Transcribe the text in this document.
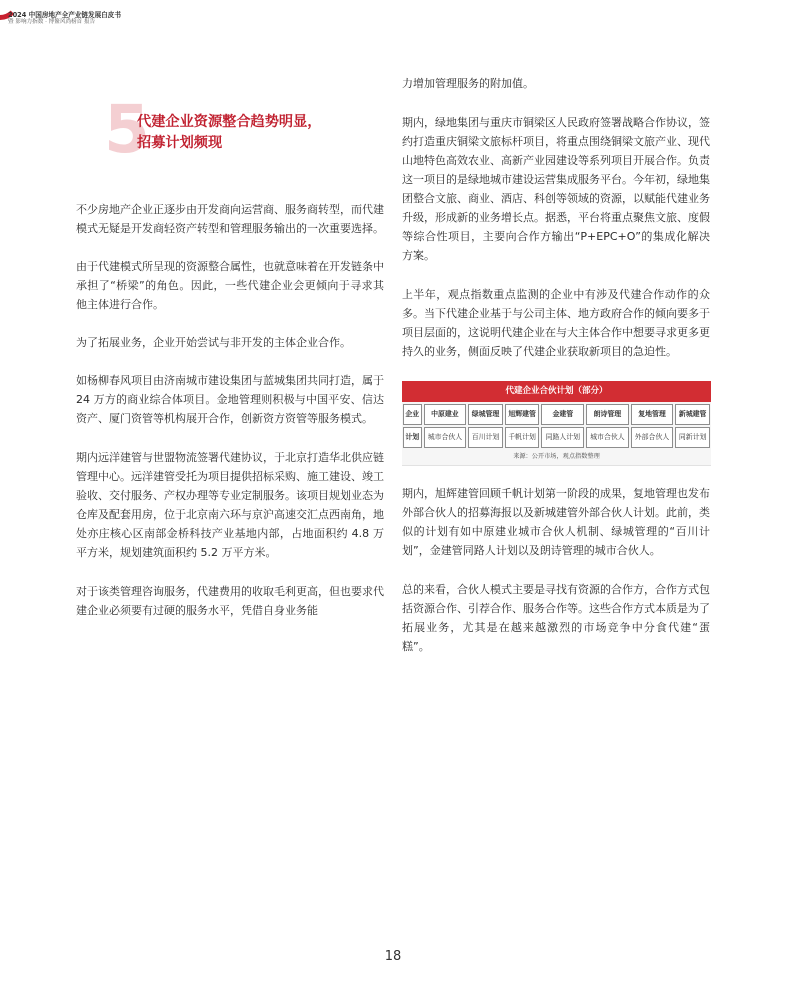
2024 中国房地产全产业链发展白皮书
暨 影响力指数 · 博鳌风尚榜首 报告
5
代建企业资源整合趋势明显，
招募计划频现

不少房地产企业正逐步由开发商向运营商、服务商转型，而代建模式无疑是开发商轻资产转型和管理服务输出的一次重要选择。

由于代建模式所呈现的资源整合属性，也就意味着在开发链条中承担了“桥梁”的角色。因此，一些代建企业会更倾向于寻求其他主体进行合作。

为了拓展业务，企业开始尝试与非开发的主体企业合作。

如杨柳春风项目由济南城市建设集团与蓝城集团共同打造，属于 24 万方的商业综合体项目。金地管理则积极与中国平安、信达资产、厦门资管等机构展开合作，创新资方资管等服务模式。

期内远洋建管与世盟物流签署代建协议，于北京打造华北供应链管理中心。远洋建管受托为项目提供招标采购、施工建设、竣工验收、交付服务、产权办理等专业定制服务。该项目规划业态为仓库及配套用房，位于北京南六环与京沪高速交汇点西南角，地处亦庄核心区南部金桥科技产业基地内部，占地面积约 4.8 万平方米，规划建筑面积约 5.2 万平方米。

对于该类管理咨询服务，代建费用的收取毛利更高，但也要求代建企业必须要有过硬的服务水平，凭借自身业务能

力增加管理服务的附加值。

期内，绿地集团与重庆市铜梁区人民政府签署战略合作协议，签约打造重庆铜梁文旅标杆项目，将重点围绕铜梁文旅产业、现代山地特色高效农业、高新产业园建设等系列项目开展合作。负责这一项目的是绿地城市建设运营集成服务平台。今年初，绿地集团整合文旅、商业、酒店、科创等领域的资源，以赋能代建业务升级，形成新的业务增长点。据悉，平台将重点聚焦文旅、度假等综合性项目，主要向合作方输出“P+EPC+O”的集成化解决方案。

上半年，观点指数重点监测的企业中有涉及代建合作动作的众多。当下代建企业基于与公司主体、地方政府合作的倾向要多于项目层面的，这说明代建企业在与大主体合作中想要寻求更多更持久的业务，侧面反映了代建企业获取新项目的急迫性。

代建企业合伙计划（部分）
企业	中原建业	绿城管理	旭辉建管	金建管	朗诗管理	复地管理	新城建管

计划	城市合伙人	百川计划	千帆计划	同路人计划	城市合伙人	外部合伙人	同新计划
来源：公开市场，观点指数整理

期内，旭辉建管回顾千帆计划第一阶段的成果，复地管理也发布外部合伙人的招募海报以及新城建管外部合伙人计划。此前，类似的计划有如中原建业城市合伙人机制、绿城管理的“百川计划”，金建管同路人计划以及朗诗管理的城市合伙人。

总的来看，合伙人模式主要是寻找有资源的合作方，合作方式包括资源合作、引荐合作、服务合作等。这些合作方式本质是为了拓展业务，尤其是在越来越激烈的市场竞争中分食代建“蛋糕”。

18
